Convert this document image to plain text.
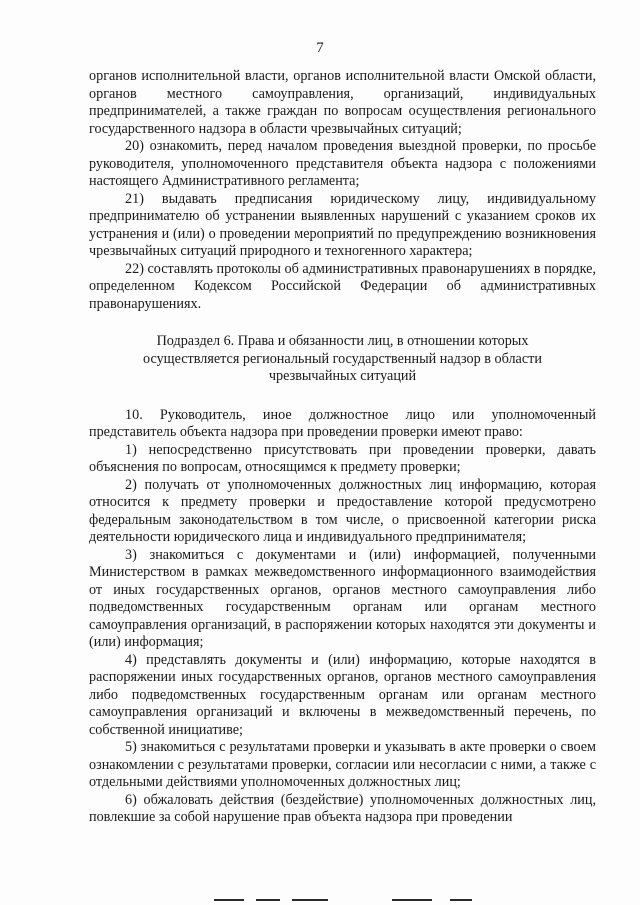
7

органов исполнительной власти, органов исполнительной власти Омской области, органов местного самоуправления, организаций, индивидуальных предпринимателей, а также граждан по вопросам осуществления регионального государственного надзора в области чрезвычайных ситуаций;

20) ознакомить, перед началом проведения выездной проверки, по просьбе руководителя, уполномоченного представителя объекта надзора с положениями настоящего Административного регламента;

21) выдавать предписания юридическому лицу, индивидуальному предпринимателю об устранении выявленных нарушений с указанием сроков их устранения и (или) о проведении мероприятий по предупреждению возникновения чрезвычайных ситуаций природного и техногенного характера;

22) составлять протоколы об административных правонарушениях в порядке, определенном Кодексом Российской Федерации об административных правонарушениях.

Подраздел 6. Права и обязанности лиц, в отношении которых
осуществляется региональный государственный надзор в области
чрезвычайных ситуаций

10. Руководитель, иное должностное лицо или уполномоченный представитель объекта надзора при проведении проверки имеют право:

1) непосредственно присутствовать при проведении проверки, давать объяснения по вопросам, относящимся к предмету проверки;

2) получать от уполномоченных должностных лиц информацию, которая относится к предмету проверки и предоставление которой предусмотрено федеральным законодательством в том числе, о присвоенной категории риска деятельности юридического лица и индивидуального предпринимателя;

3) знакомиться с документами и (или) информацией, полученными Министерством в рамках межведомственного информационного взаимодействия от иных государственных органов, органов местного самоуправления либо подведомственных государственным органам или органам местного самоуправления организаций, в распоряжении которых находятся эти документы и (или) информация;

4) представлять документы и (или) информацию, которые находятся в распоряжении иных государственных органов, органов местного самоуправления либо подведомственных государственным органам или органам местного самоуправления организаций и включены в межведомственный перечень, по собственной инициативе;

5) знакомиться с результатами проверки и указывать в акте проверки о своем ознакомлении с результатами проверки, согласии или несогласии с ними, а также с отдельными действиями уполномоченных должностных лиц;

6) обжаловать действия (бездействие) уполномоченных должностных лиц, повлекшие за собой нарушение прав объекта надзора при проведении
